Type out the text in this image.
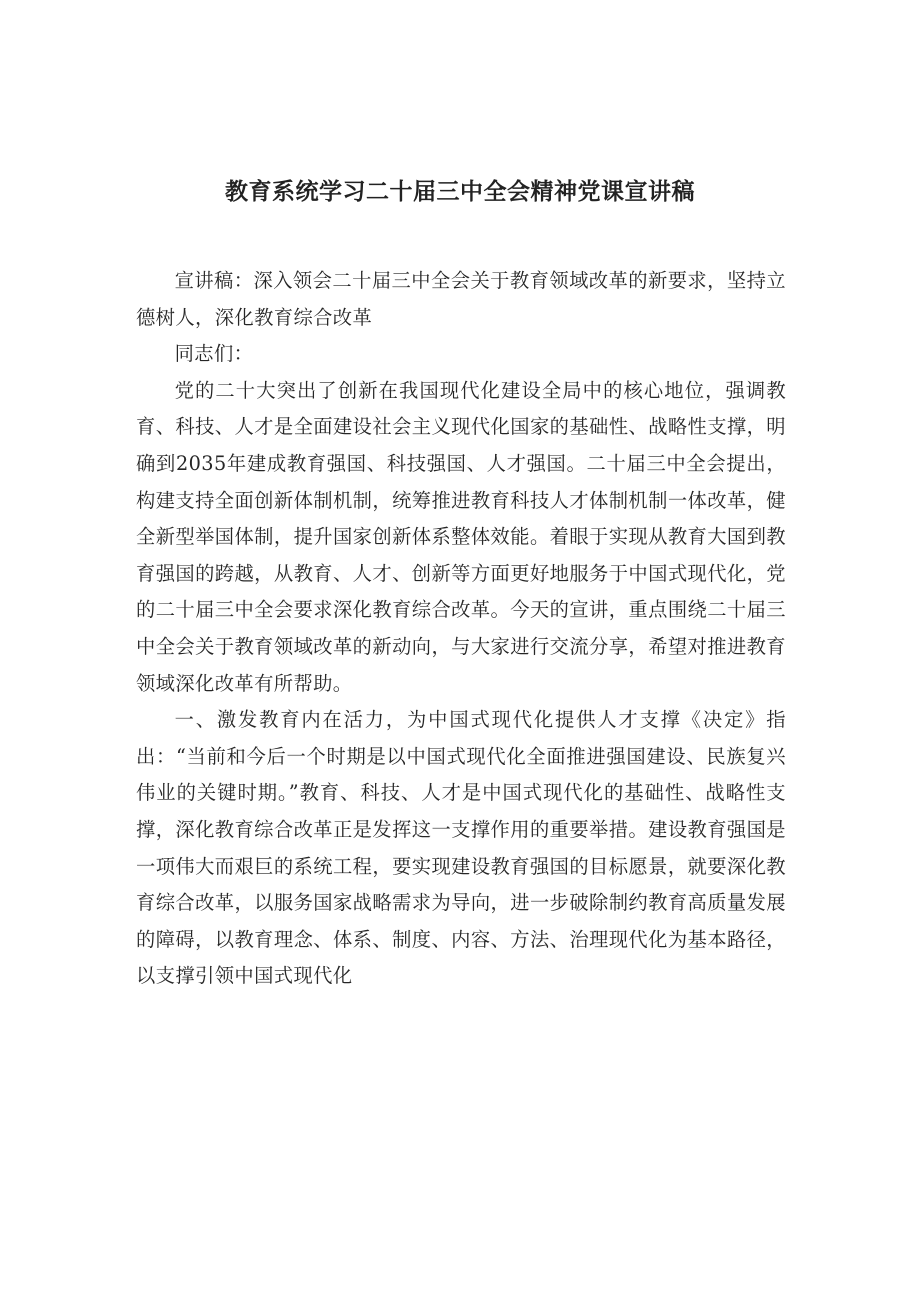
教育系统学习二十届三中全会精神党课宣讲稿

宣讲稿：深入领会二十届三中全会关于教育领域改革的新要求，坚持立德树人，深化教育综合改革

同志们：

党的二十大突出了创新在我国现代化建设全局中的核心地位，强调教育、科技、人才是全面建设社会主义现代化国家的基础性、战略性支撑，明确到2035年建成教育强国、科技强国、人才强国。二十届三中全会提出，构建支持全面创新体制机制，统筹推进教育科技人才体制机制一体改革，健全新型举国体制，提升国家创新体系整体效能。着眼于实现从教育大国到教育强国的跨越，从教育、人才、创新等方面更好地服务于中国式现代化，党的二十届三中全会要求深化教育综合改革。今天的宣讲，重点围绕二十届三中全会关于教育领域改革的新动向，与大家进行交流分享，希望对推进教育领域深化改革有所帮助。

一、激发教育内在活力，为中国式现代化提供人才支撑《决定》指出：“当前和今后一个时期是以中国式现代化全面推进强国建设、民族复兴伟业的关键时期。”教育、科技、人才是中国式现代化的基础性、战略性支撑，深化教育综合改革正是发挥这一支撑作用的重要举措。建设教育强国是一项伟大而艰巨的系统工程，要实现建设教育强国的目标愿景，就要深化教育综合改革，以服务国家战略需求为导向，进一步破除制约教育高质量发展的障碍，以教育理念、体系、制度、内容、方法、治理现代化为基本路径，以支撑引领中国式现代化
